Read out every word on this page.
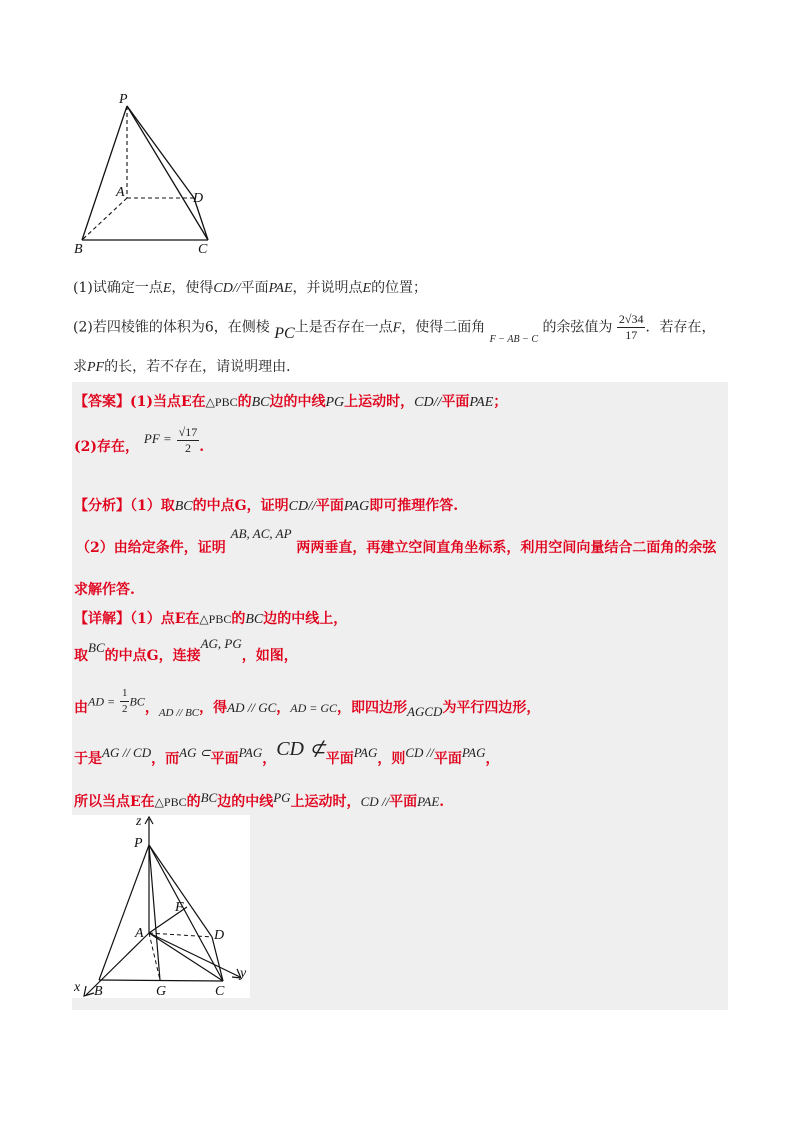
P
A	D
B	C
(1)试确定一点E，使得CD//平面PAE，并说明点E的位置；
(2)若四棱锥的体积为6，在侧棱 PC上是否存在一点F，使得二面角 $_{F - AB - C}$ 的余弦值为 $\frac{2√34}{17}$ ．若存在，
求PF的长，若不存在，请说明理由．
【答案】(1)当点E在△PBC的BC边的中线PG上运动时，CD//平面PAE；
(2)存在， PF = $\frac{√17}{2}$ .
【分析】（1）取BC的中点G，证明CD//平面PAG即可推理作答.
（2）由给定条件，证明 AB, AC, AP 两两垂直，再建立空间直角坐标系，利用空间向量结合二面角的余弦
求解作答.
【详解】（1）点E在△PBC的BC边的中线上，
取BC的中点G，连接AG, PG，如图，
由AD = $\frac{1}{2}$ BC，$_{AD // BC}$，得AD // GC，AD = GC，即四边形AGCD为平行四边形，
于是AG // CD，而AG ⊂平面PAG，CD ⊄平面PAG，则CD //平面PAG，
所以当点E在△PBC的BC边的中线PG上运动时，CD //平面PAE.
z
P
F
A	D
x B	G	C
y
